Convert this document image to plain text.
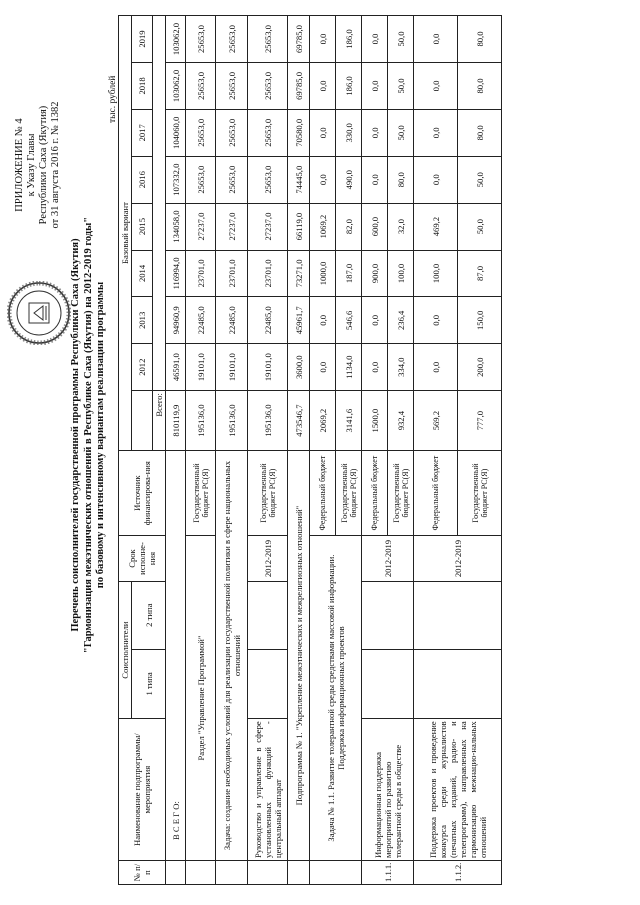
ПРИЛОЖЕНИЕ № 4 к Указу Главы Республики Саха (Якутия) от 31 августа 2016 г. № 1382
Перечень соисполнителей государственной программы Республики Саха (Якутия) "Гармонизация межэтнических отношений в Республике Саха (Якутия) на 2012-2019 годы" по базовому и интенсивному вариантам реализации программы
тыс. рублей
№ п/п	Наименование подпрограммы/мероприятия	Соисполнители		Срок исполне-ния	Источник финансирова-ния	Базовый вариант								
		1 типа	2 типа				2012	2013	2014	2015	2016	2017	2018	2019
						Всего:								
	В С Е Г О:					810119,9	46591,0	94960,9	116994,0	134058,0	107332,0	104060,0	103062,0	103062,0
	Раздел "Управление Программой"				Государственный бюджет РС(Я)	195136,0	19101,0	22485,0	23701,0	27237,0	25653,0	25653,0	25653,0	25653,0
	Задача: создание необходимых условий для реализации государственной политики в сфере национальных отношений					195136,0	19101,0	22485,0	23701,0	27237,0	25653,0	25653,0	25653,0	25653,0
	Руководство и управление в сфере установленных функций - центральный аппарат			2012-2019	Государственный бюджет РС(Я)	195136,0	19101,0	22485,0	23701,0	27237,0	25653,0	25653,0	25653,0	25653,0
	Подпрограмма № 1. "Укрепление межэтнических и межрелигиозных отношений"					473546,7	3600,0	45961,7	73271,0	66119,0	74445,0	70580,0	69785,0	69785,0
	Задача № 1.1. Развитие толерантной среды средствами массовой информации. Поддержка информационных проектов				Федеральный бюджет	2069,2	0,0	0,0	1000,0	1069,2	0,0	0,0	0,0	0,0
					Государственный бюджет РС(Я)	3141,6	1134,0	546,6	187,0	82,0	490,0	330,0	186,0	186,0
1.1.1.	Информационная поддержка мероприятий по развитию толерантной среды в обществе			2012-2019	Федеральный бюджет	1500,0	0,0	0,0	900,0	600,0	0,0	0,0	0,0	0,0
					Государственный бюджет РС(Я)	932,4	334,0	236,4	100,0	32,0	80,0	50,0	50,0	50,0
1.1.2.	Поддержка проектов и проведение конкурса среди журналистов (печатных изданий, радио- и телепрограмм), направленных на гармонизацию межнацио-нальных отношений			2012-2019	Федеральный бюджет	569,2	0,0	0,0	100,0	469,2	0,0	0,0	0,0	0,0
					Государственный бюджет РС(Я)	777,0	200,0	150,0	87,0	50,0	50,0	80,0	80,0	80,0
